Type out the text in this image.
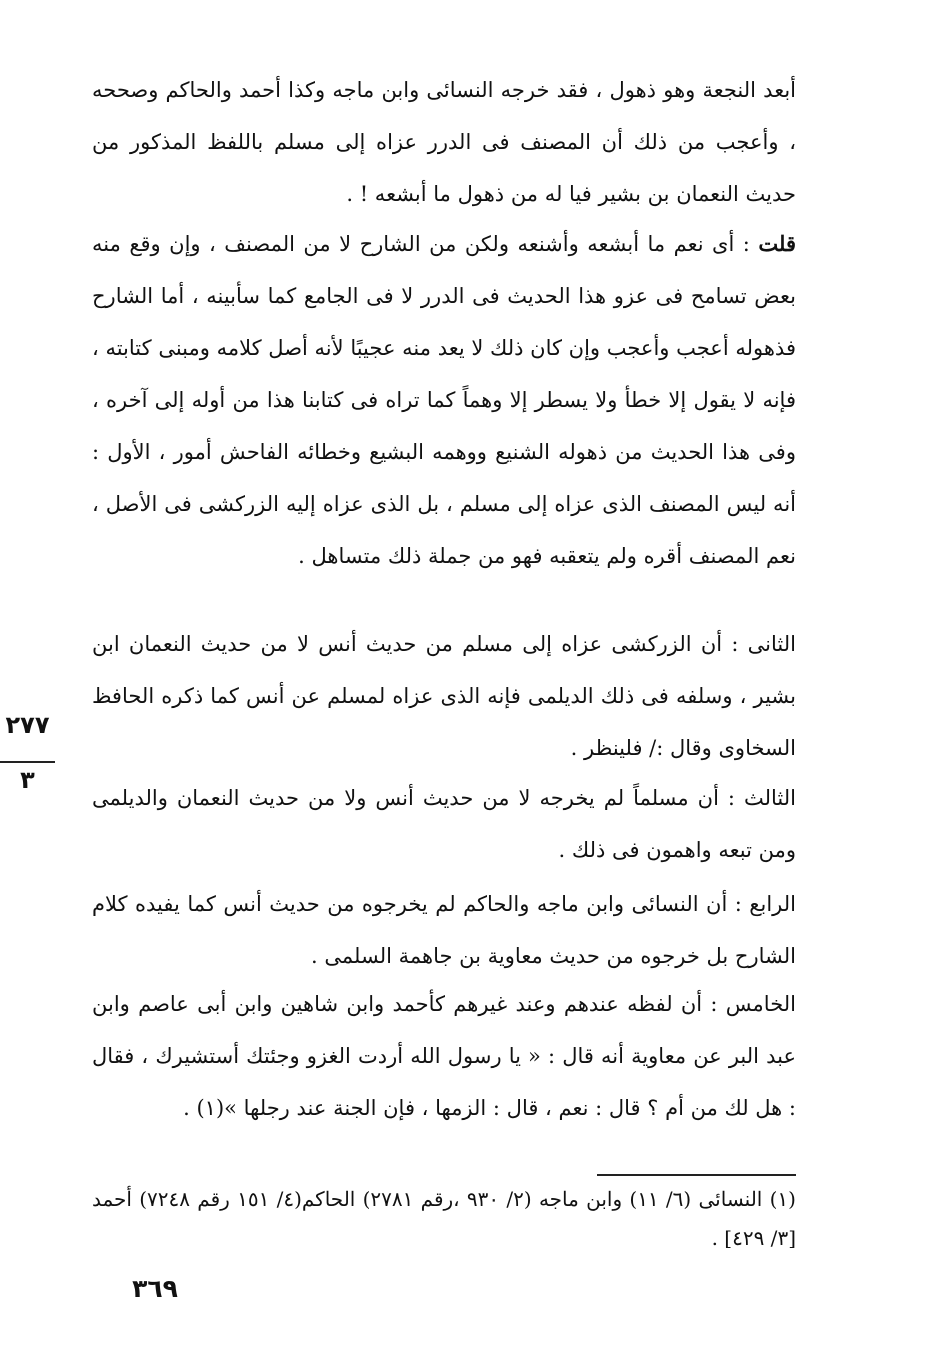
أبعد النجعة وهو ذهول ، فقد خرجه النسائى وابن ماجه وكذا أحمد والحاكم وصححه ، وأعجب من ذلك أن المصنف فى الدرر عزاه إلى مسلم باللفظ المذكور من حديث النعمان بن بشير فيا له من ذهول ما أبشعه ! .
قلت : أى نعم ما أبشعه وأشنعه ولكن من الشارح لا من المصنف ، وإن وقع منه بعض تسامح فى عزو هذا الحديث فى الدرر لا فى الجامع كما سأبينه ، أما الشارح فذهوله أعجب وأعجب وإن كان ذلك لا يعد منه عجيبًا لأنه أصل كلامه ومبنى كتابته ، فإنه لا يقول إلا خطأ ولا يسطر إلا وهماً كما تراه فى كتابنا هذا من أوله إلى آخره ، وفى هذا الحديث من ذهوله الشنيع ووهمه البشيع وخطائه الفاحش أمور ، الأول : أنه ليس المصنف الذى عزاه إلى مسلم ، بل الذى عزاه إليه الزركشى فى الأصل ، نعم المصنف أقره ولم يتعقبه فهو من جملة ذلك متساهل .
الثانى : أن الزركشى عزاه إلى مسلم من حديث أنس لا من حديث النعمان ابن بشير ، وسلفه فى ذلك الديلمى فإنه الذى عزاه لمسلم عن أنس كما ذكره الحافظ السخاوى وقال :/ فلينظر .
الثالث : أن مسلماً لم يخرجه لا من حديث أنس ولا من حديث النعمان والديلمى ومن تبعه واهمون فى ذلك .
الرابع : أن النسائى وابن ماجه والحاكم لم يخرجوه من حديث أنس كما يفيده كلام الشارح بل خرجوه من حديث معاوية بن جاهمة السلمى .
الخامس : أن لفظه عندهم وعند غيرهم كأحمد وابن شاهين وابن أبى عاصم وابن عبد البر عن معاوية أنه قال : « يا رسول الله أردت الغزو وجئتك أستشيرك ، فقال : هل لك من أم ؟ قال : نعم ، قال : الزمها ، فإن الجنة عند رجلها »(١) .
٢٧٧
٣
(١) النسائى (٦/ ١١) وابن ماجه (٢/ ٩٣٠ ،رقم ٢٧٨١) الحاكم(٤/ ١٥١ رقم ٧٢٤٨) أحمد [٣/ ٤٢٩] .
٣٦٩
